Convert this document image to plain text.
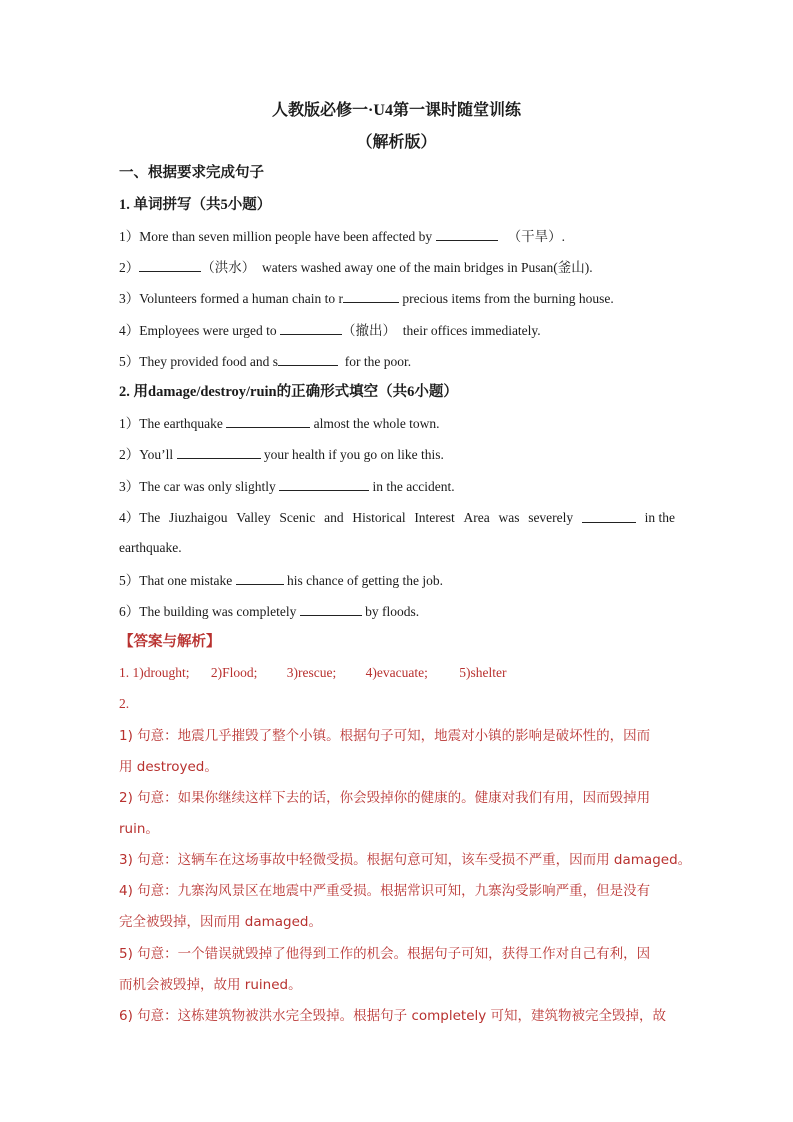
人教版必修一·U4第一课时随堂训练
（解析版）
一、根据要求完成句子
1. 单词拼写（共5小题）
1）More than seven million people have been affected by	（干旱）.
2）	（洪水） waters washed away one of the main bridges in Pusan(釜山).
3）Volunteers formed a human chain to r	precious items from the burning house.
4）Employees were urged to	（撤出） their offices immediately.
5）They provided food and s	for the poor.
2. 用damage/destroy/ruin的正确形式填空（共6小题）
1）The earthquake	almost the whole town.
2）You’ll	your health if you go on like this.
3）The car was only slightly	in the accident.
4）The Jiuzhaigou Valley Scenic and Historical Interest Area was severely	in the
earthquake.
5）That one mistake	his chance of getting the job.
6）The building was completely	by floods.
【答案与解析】
1. 1)drought; 2)Flood; 3)rescue; 4)evacuate; 5)shelter
2.
1) 句意：地震几乎摧毁了整个小镇。根据句子可知，地震对小镇的影响是破坏性的，因而
用 destroyed。
2) 句意：如果你继续这样下去的话，你会毁掉你的健康的。健康对我们有用，因而毁掉用
ruin。
3) 句意：这辆车在这场事故中轻微受损。根据句意可知，该车受损不严重，因而用 damaged。
4) 句意：九寨沟风景区在地震中严重受损。根据常识可知，九寨沟受影响严重，但是没有
完全被毁掉，因而用 damaged。
5) 句意：一个错误就毁掉了他得到工作的机会。根据句子可知，获得工作对自己有利，因
而机会被毁掉，故用 ruined。
6) 句意：这栋建筑物被洪水完全毁掉。根据句子 completely 可知，建筑物被完全毁掉，故
